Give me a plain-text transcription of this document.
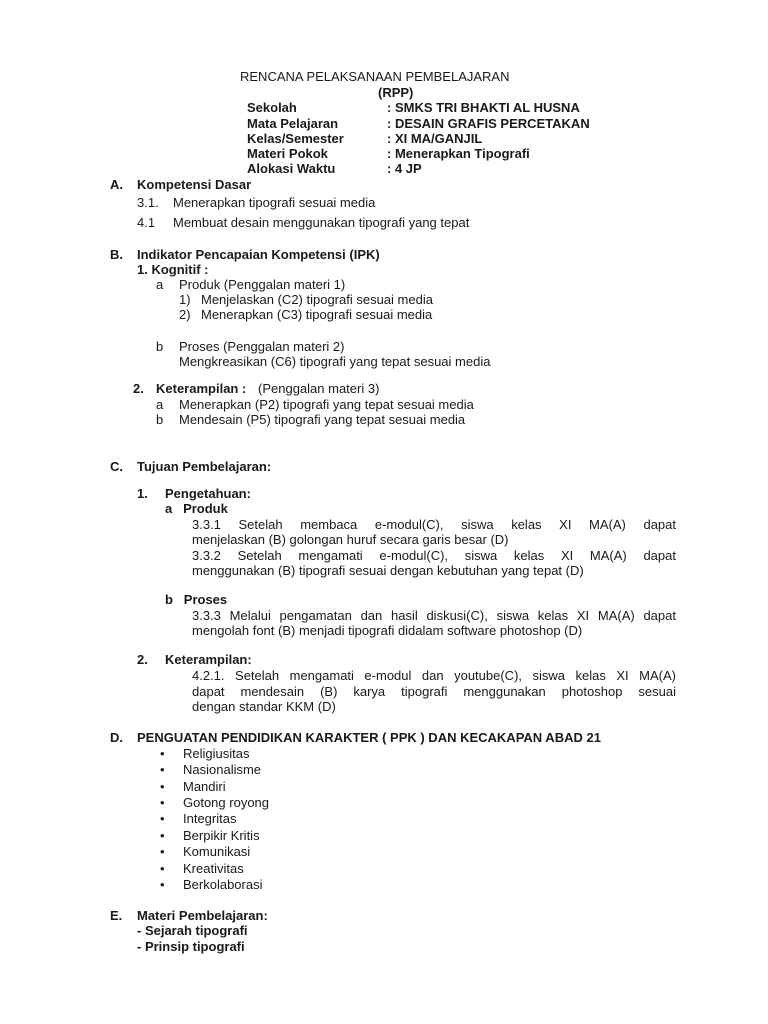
RENCANA PELAKSANAAN PEMBELAJARAN
(RPP)
Sekolah	: SMKS TRI BHAKTI AL HUSNA
Mata Pelajaran	: DESAIN GRAFIS PERCETAKAN
Kelas/Semester	: XI MA/GANJIL
Materi Pokok	: Menerapkan Tipografi
Alokasi Waktu	: 4 JP
A. Kompetensi Dasar
3.1. Menerapkan tipografi sesuai media
4.1 Membuat desain menggunakan tipografi yang tepat
B. Indikator Pencapaian Kompetensi (IPK)
1. Kognitif :
a Produk (Penggalan materi 1)
1) Menjelaskan (C2) tipografi sesuai media
2) Menerapkan (C3) tipografi sesuai media
b Proses (Penggalan materi 2)
Mengkreasikan (C6) tipografi yang tepat sesuai media
2. Keterampilan : (Penggalan materi 3)
a Menerapkan (P2) tipografi yang tepat sesuai media
b Mendesain (P5) tipografi yang tepat sesuai media
C. Tujuan Pembelajaran:
1. Pengetahuan:
a   Produk
3.3.1 Setelah membaca e-modul(C), siswa kelas XI MA(A) dapat
menjelaskan (B) golongan huruf secara garis besar (D)
3.3.2 Setelah mengamati e-modul(C), siswa kelas XI MA(A) dapat
menggunakan (B) tipografi sesuai dengan kebutuhan yang tepat (D)
b   Proses
3.3.3 Melalui pengamatan dan hasil diskusi(C), siswa kelas XI MA(A) dapat
mengolah font (B) menjadi tipografi didalam software photoshop (D)
2. Keterampilan:
4.2.1. Setelah mengamati e-modul dan youtube(C), siswa kelas XI MA(A)
dapat mendesain (B) karya tipografi menggunakan photoshop sesuai
dengan standar KKM (D)
D. PENGUATAN PENDIDIKAN KARAKTER ( PPK ) DAN KECAKAPAN ABAD 21
• Religiusitas
• Nasionalisme
• Mandiri
• Gotong royong
• Integritas
• Berpikir Kritis
• Komunikasi
• Kreativitas
• Berkolaborasi
E. Materi Pembelajaran:
- Sejarah tipografi
- Prinsip tipografi
